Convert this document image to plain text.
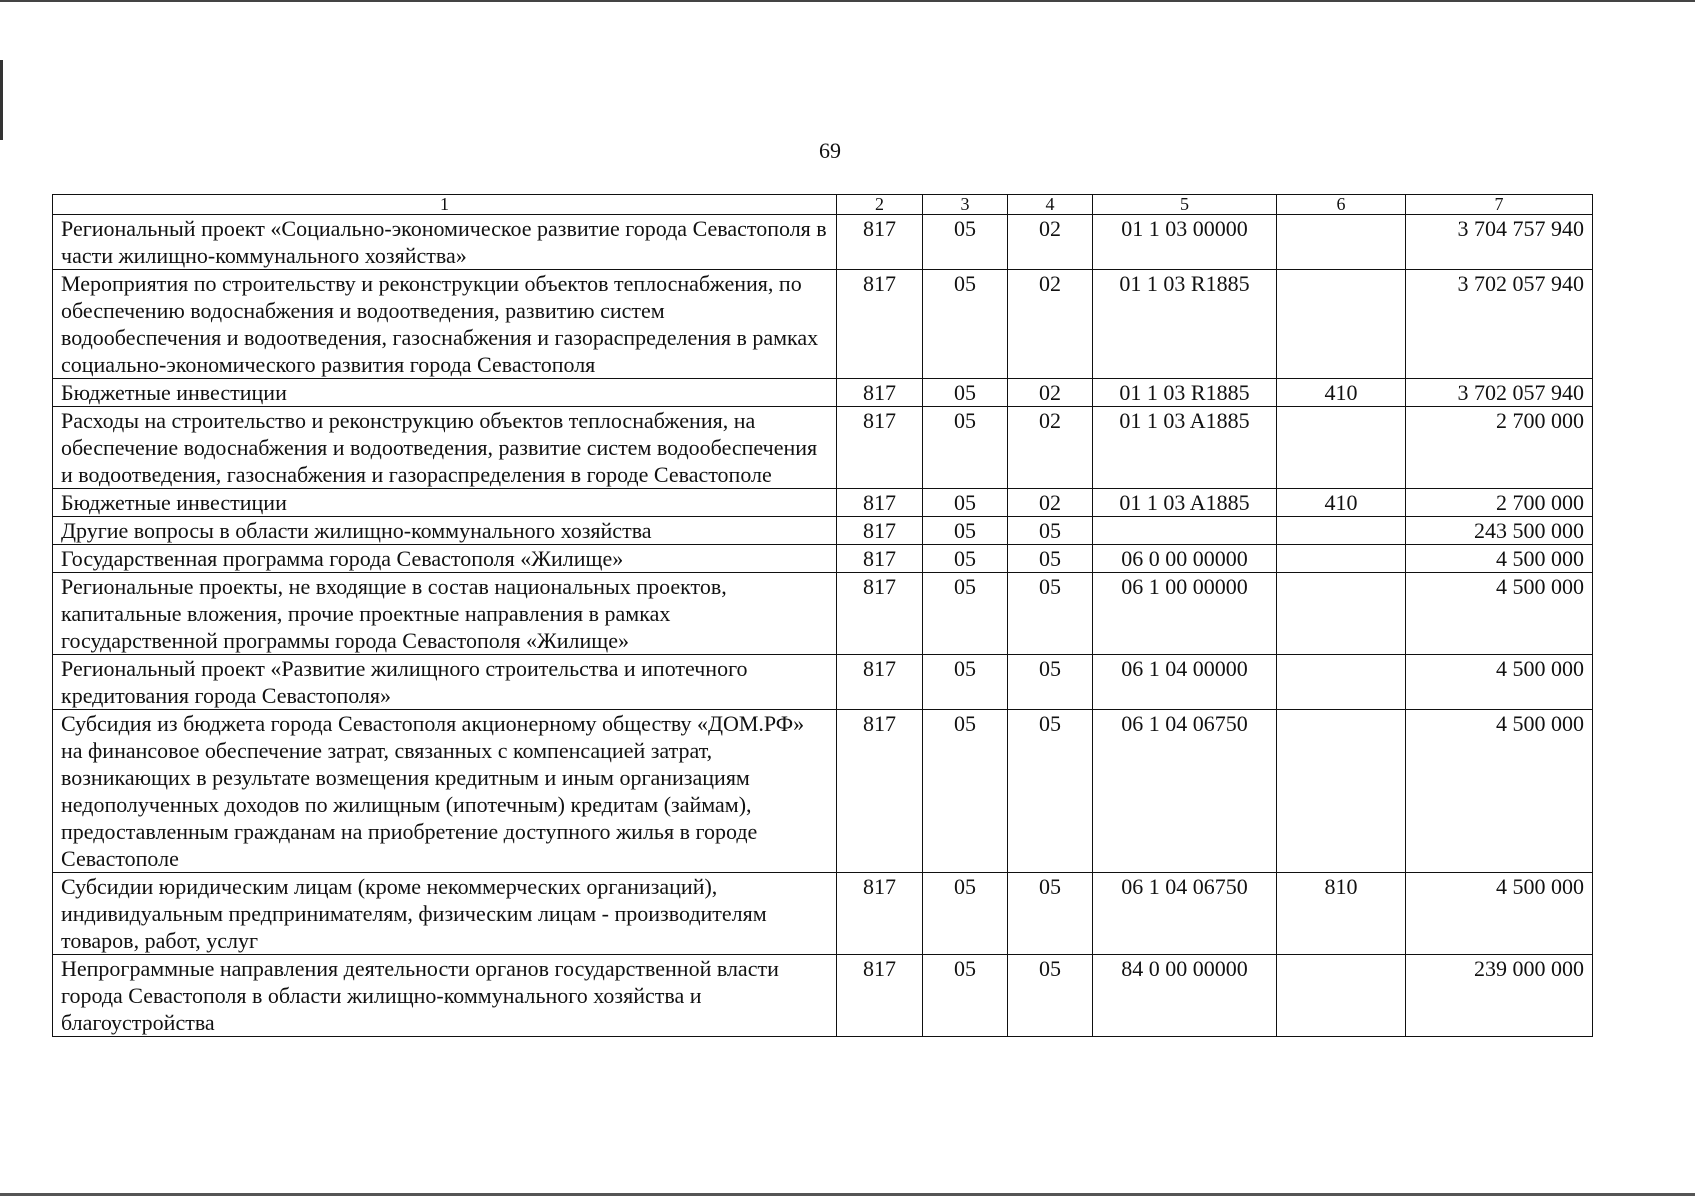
69
1	2	3	4	5	6	7
Региональный проект «Социально-экономическое развитие города Севастополя в части жилищно-коммунального хозяйства»	817	05	02	01 1 03 00000		3 704 757 940
Мероприятия по строительству и реконструкции объектов теплоснабжения, по обеспечению водоснабжения и водоотведения, развитию систем водообеспечения и водоотведения, газоснабжения и газораспределения в рамках социально-экономического развития города Севастополя	817	05	02	01 1 03 R1885		3 702 057 940
Бюджетные инвестиции	817	05	02	01 1 03 R1885	410	3 702 057 940
Расходы на строительство и реконструкцию объектов теплоснабжения, на обеспечение водоснабжения и водоотведения, развитие систем водообеспечения и водоотведения, газоснабжения и газораспределения в городе Севастополе	817	05	02	01 1 03 A1885		2 700 000
Бюджетные инвестиции	817	05	02	01 1 03 A1885	410	2 700 000
Другие вопросы в области жилищно-коммунального хозяйства	817	05	05			243 500 000
Государственная программа города Севастополя «Жилище»	817	05	05	06 0 00 00000		4 500 000
Региональные проекты, не входящие в состав национальных проектов, капитальные вложения, прочие проектные направления в рамках государственной программы города Севастополя «Жилище»	817	05	05	06 1 00 00000		4 500 000
Региональный проект «Развитие жилищного строительства и ипотечного кредитования города Севастополя»	817	05	05	06 1 04 00000		4 500 000
Субсидия из бюджета города Севастополя акционерному обществу «ДОМ.РФ» на финансовое обеспечение затрат, связанных с компенсацией затрат, возникающих в результате возмещения кредитным и иным организациям недополученных доходов по жилищным (ипотечным) кредитам (займам), предоставленным гражданам на приобретение доступного жилья в городе Севастополе	817	05	05	06 1 04 06750		4 500 000
Субсидии юридическим лицам (кроме некоммерческих организаций), индивидуальным предпринимателям, физическим лицам - производителям товаров, работ, услуг	817	05	05	06 1 04 06750	810	4 500 000
Непрограммные направления деятельности органов государственной власти города Севастополя в области жилищно-коммунального хозяйства и благоустройства	817	05	05	84 0 00 00000		239 000 000
